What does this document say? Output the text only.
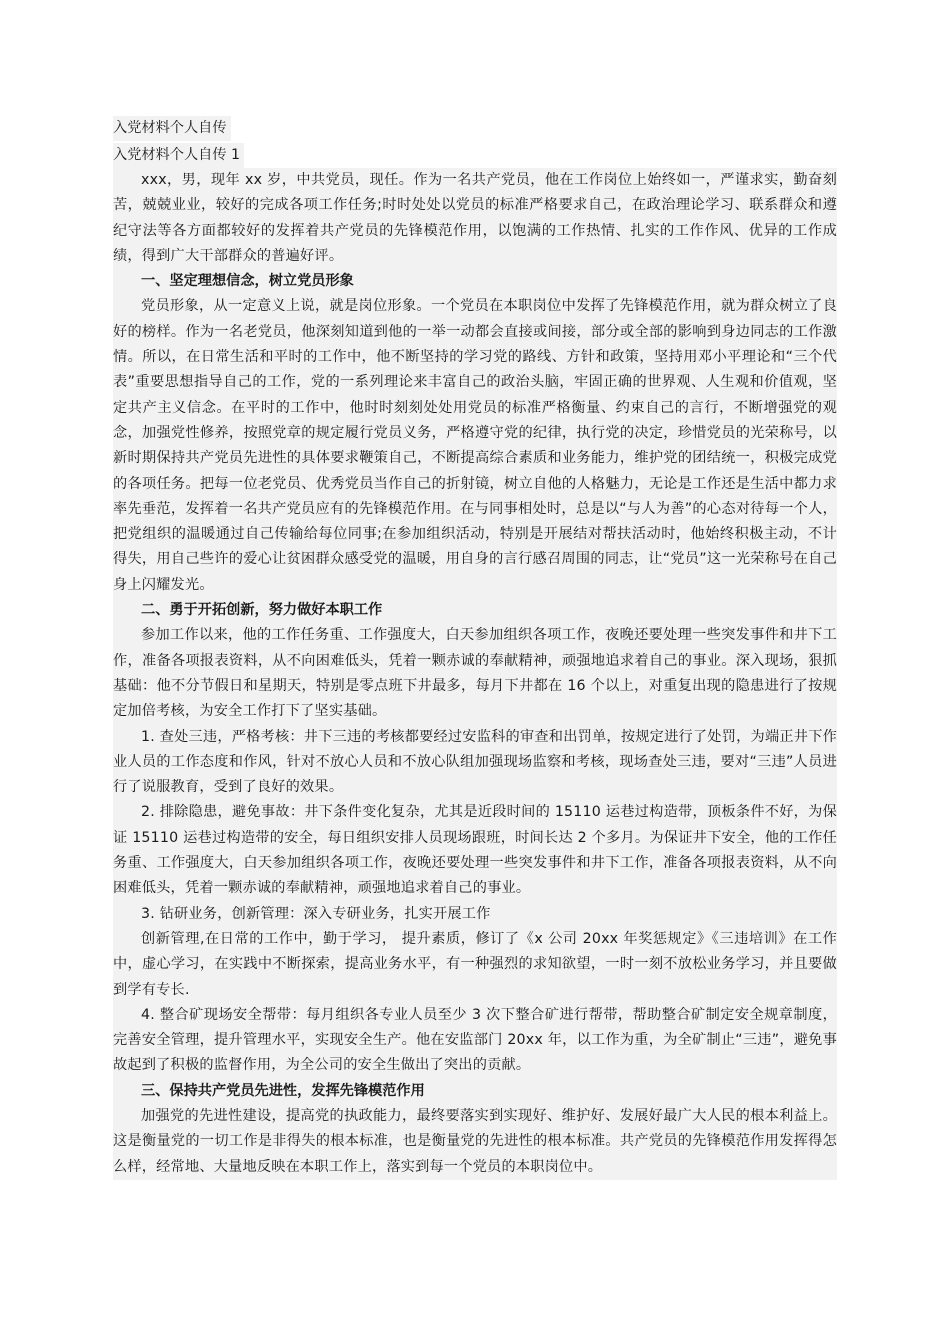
入党材料个人自传
入党材料个人自传 1

xxx，男，现年 xx 岁，中共党员，现任。作为一名共产党员，他在工作岗位上始终如一，严谨求实，勤奋刻苦，兢兢业业，较好的完成各项工作任务;时时处处以党员的标准严格要求自己，在政治理论学习、联系群众和遵纪守法等各方面都较好的发挥着共产党员的先锋模范作用，以饱满的工作热情、扎实的工作作风、优异的工作成绩，得到广大干部群众的普遍好评。

一、坚定理想信念，树立党员形象

党员形象，从一定意义上说，就是岗位形象。一个党员在本职岗位中发挥了先锋模范作用，就为群众树立了良好的榜样。作为一名老党员，他深刻知道到他的一举一动都会直接或间接，部分或全部的影响到身边同志的工作激情。所以，在日常生活和平时的工作中，他不断坚持的学习党的路线、方针和政策，坚持用邓小平理论和“三个代表”重要思想指导自己的工作，党的一系列理论来丰富自己的政治头脑，牢固正确的世界观、人生观和价值观，坚定共产主义信念。在平时的工作中，他时时刻刻处处用党员的标准严格衡量、约束自己的言行，不断增强党的观念，加强党性修养，按照党章的规定履行党员义务，严格遵守党的纪律，执行党的决定，珍惜党员的光荣称号，以新时期保持共产党员先进性的具体要求鞭策自己，不断提高综合素质和业务能力，维护党的团结统一，积极完成党的各项任务。把每一位老党员、优秀党员当作自己的折射镜，树立自他的人格魅力，无论是工作还是生活中都力求率先垂范，发挥着一名共产党员应有的先锋模范作用。在与同事相处时，总是以“与人为善”的心态对待每一个人，把党组织的温暖通过自己传输给每位同事;在参加组织活动，特别是开展结对帮扶活动时，他始终积极主动，不计得失，用自己些许的爱心让贫困群众感受党的温暖，用自身的言行感召周围的同志，让“党员”这一光荣称号在自己身上闪耀发光。

二、勇于开拓创新，努力做好本职工作

参加工作以来，他的工作任务重、工作强度大，白天参加组织各项工作，夜晚还要处理一些突发事件和井下工作，准备各项报表资料，从不向困难低头，凭着一颗赤诚的奉献精神，顽强地追求着自己的事业。深入现场，狠抓基础：他不分节假日和星期天，特别是零点班下井最多，每月下井都在 16 个以上，对重复出现的隐患进行了按规定加倍考核，为安全工作打下了坚实基础。

1. 查处三违，严格考核：井下三违的考核都要经过安监科的审查和出罚单，按规定进行了处罚，为端正井下作业人员的工作态度和作风，针对不放心人员和不放心队组加强现场监察和考核，现场查处三违，要对“三违”人员进行了说服教育，受到了良好的效果。

2. 排除隐患，避免事故：井下条件变化复杂，尤其是近段时间的 15110 运巷过构造带，顶板条件不好，为保证 15110 运巷过构造带的安全，每日组织安排人员现场跟班，时间长达 2 个多月。为保证井下安全，他的工作任务重、工作强度大，白天参加组织各项工作，夜晚还要处理一些突发事件和井下工作，准备各项报表资料，从不向困难低头，凭着一颗赤诚的奉献精神，顽强地追求着自己的事业。

3. 钻研业务，创新管理：深入专研业务，扎实开展工作

创新管理,在日常的工作中，勤于学习， 提升素质，修订了《x 公司 20xx 年奖惩规定》《三违培训》在工作中，虚心学习，在实践中不断探索，提高业务水平，有一种强烈的求知欲望，一时一刻不放松业务学习，并且要做到学有专长.

4. 整合矿现场安全帮带：每月组织各专业人员至少 3 次下整合矿进行帮带，帮助整合矿制定安全规章制度，完善安全管理，提升管理水平，实现安全生产。他在安监部门 20xx 年，以工作为重，为全矿制止“三违”，避免事故起到了积极的监督作用，为全公司的安全生做出了突出的贡献。

三、保持共产党员先进性，发挥先锋模范作用

加强党的先进性建设，提高党的执政能力，最终要落实到实现好、维护好、发展好最广大人民的根本利益上。这是衡量党的一切工作是非得失的根本标准，也是衡量党的先进性的根本标准。共产党员的先锋模范作用发挥得怎么样，经常地、大量地反映在本职工作上，落实到每一个党员的本职岗位中。
